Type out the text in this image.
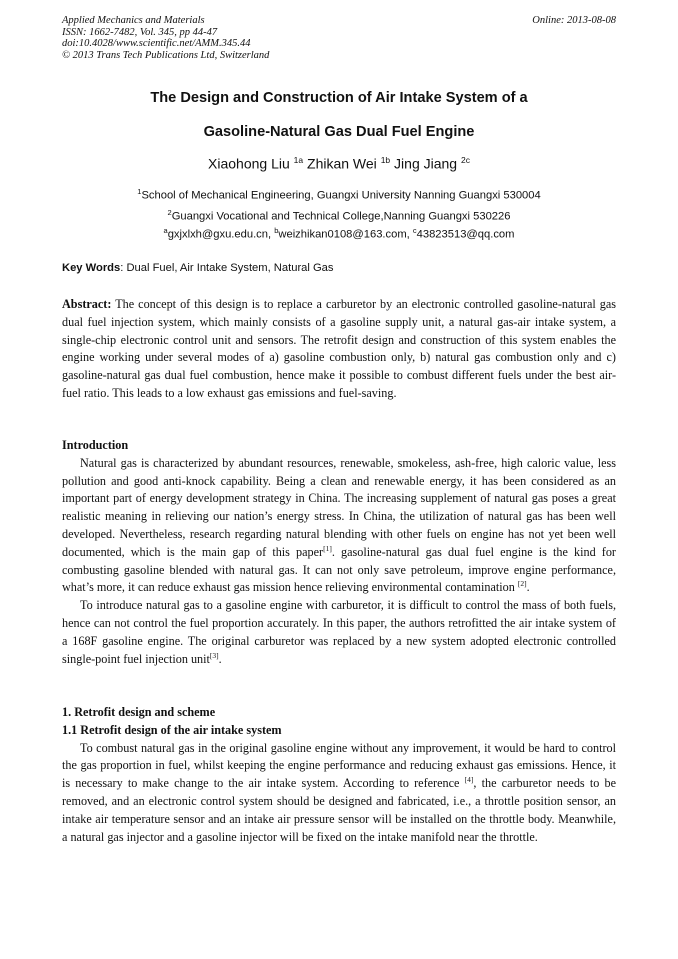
Applied Mechanics and Materials
ISSN: 1662-7482, Vol. 345, pp 44-47
doi:10.4028/www.scientific.net/AMM.345.44
© 2013 Trans Tech Publications Ltd, Switzerland
Online: 2013-08-08
The Design and Construction of Air Intake System of a
Gasoline-Natural Gas Dual Fuel Engine
Xiaohong Liu $^{1a}$ Zhikan Wei $^{1b}$ Jing Jiang $^{2c}$
$^1$School of Mechanical Engineering, Guangxi University Nanning Guangxi 530004
$^2$Guangxi Vocational and Technical College,Nanning Guangxi 530226
$^a$gxjxlxh@gxu.edu.cn, $^b$weizhikan0108@163.com, $^c$43823513@qq.com
Key Words: Dual Fuel, Air Intake System, Natural Gas

Abstract: The concept of this design is to replace a carburetor by an electronic controlled gasoline-natural gas dual fuel injection system, which mainly consists of a gasoline supply unit, a natural gas-air intake system, a single-chip electronic control unit and sensors. The retrofit design and construction of this system enables the engine working under several modes of a) gasoline combustion only, b) natural gas combustion only and c) gasoline-natural gas dual fuel combustion, hence make it possible to combust different fuels under the best air-fuel ratio. This leads to a low exhaust gas emissions and fuel-saving.

Introduction

Natural gas is characterized by abundant resources, renewable, smokeless, ash-free, high caloric value, less pollution and good anti-knock capability. Being a clean and renewable energy, it has been considered as an important part of energy development strategy in China. The increasing supplement of natural gas poses a great realistic meaning in relieving our nation’s energy stress. In China, the utilization of natural gas has been well developed. Nevertheless, research regarding natural blending with other fuels on engine has not yet been well documented, which is the main gap of this paper[1]. gasoline-natural gas dual fuel engine is the kind for combusting gasoline blended with natural gas. It can not only save petroleum, improve engine performance, what’s more, it can reduce exhaust gas mission hence relieving environmental contamination [2].

To introduce natural gas to a gasoline engine with carburetor, it is difficult to control the mass of both fuels, hence can not control the fuel proportion accurately. In this paper, the authors retrofitted the air intake system of a 168F gasoline engine. The original carburetor was replaced by a new system adopted electronic controlled single-point fuel injection unit[3].

1. Retrofit design and scheme

1.1 Retrofit design of the air intake system

To combust natural gas in the original gasoline engine without any improvement, it would be hard to control the gas proportion in fuel, whilst keeping the engine performance and reducing exhaust gas emissions. Hence, it is necessary to make change to the air intake system. According to reference [4], the carburetor needs to be removed, and an electronic control system should be designed and fabricated, i.e., a throttle position sensor, an intake air temperature sensor and an intake air pressure sensor will be installed on the throttle body. Meanwhile, a natural gas injector and a gasoline injector will be fixed on the intake manifold near the throttle.
